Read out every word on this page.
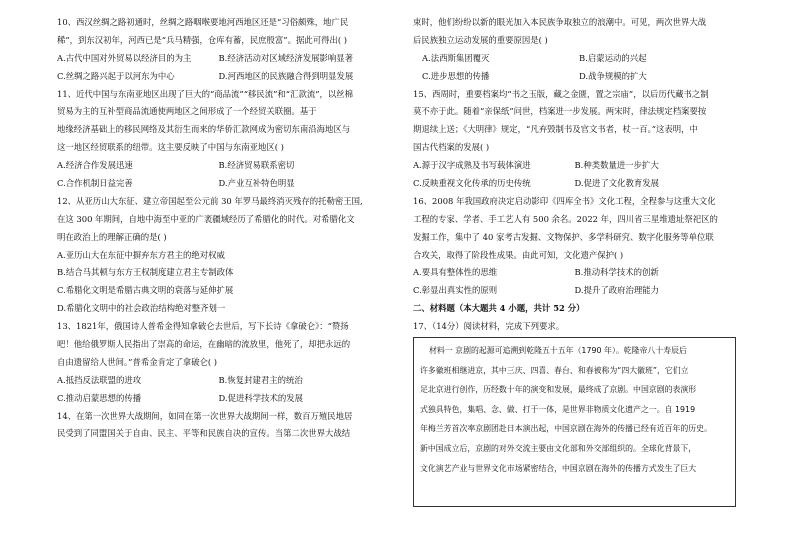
10、西汉丝绸之路初通时，丝绸之路咽喉要地河西地区还是“习俗颇殊，地广民
稀”，到东汉初年，河西已是“兵马精强，仓库有蓄，民庶殷富”。据此可得出( )
A.古代中国对外贸易以经济目的为主	B.经济活动对区域经济发展影响显著
C.丝绸之路兴起于以河东为中心	D.河西地区的民族融合得到明显发展
11、近代中国与东南亚地区出现了巨大的“商品流”“移民流”和“汇款流”，以丝棉
贸易为主的互补型商品流通使两地区之间形成了一个经贸关联圈。基于
地缘经济基础上的移民网络及其衍生而来的华侨汇款网成为密切东南沿海地区与
这一地区经贸联系的纽带。这主要反映了中国与东南亚地区( )
A.经济合作发展迅速	B.经济贸易联系密切
C.合作机制日益完善	D.产业互补特色明显
12、从亚历山大东征、建立帝国起至公元前 30 年罗马最终消灭残存的托勒密王国,
在这 300 年期间，自地中海至中亚的广袤疆域经历了希腊化的时代。对希腊化文
明在政治上的理解正确的是( )
A.亚历山大在东征中摒弃东方君主的绝对权威
B.结合马其顿与东方王权制度建立君主专制政体
C.希腊化文明是希腊古典文明的衰落与延伸扩展
D.希腊化文明中的社会政治结构绝对整齐划一
13、1821年，俄国诗人普希金得知拿破仑去世后，写下长诗《拿破仑》：“赞扬
吧！他给俄罗斯人民指出了崇高的命运，在幽暗的流放里，他死了，却把永远的
自由遗留给人世间。”普希金肯定了拿破仑( )
A.抵挡反法联盟的进攻	B.恢复封建君主的统治
C.推动启蒙思想的传播	D.促进科学技术的发展
14、在第一次世界大战期间，如同在第一次世界大战期间一样，数百万殖民地居
民受到了同盟国关于自由、民主、平等和民族自决的宣传。当第二次世界大战结
束时，他们纷纷以新的眼光加入本民族争取独立的浪潮中。可见，两次世界大战
后民族独立运动发展的重要原因是( )
A.法西斯集团覆灭	B.启蒙运动的兴起
C.进步思想的传播	D.战争规模的扩大
15、西周时，重要档案均“书之玉版，藏之金匮，置之宗庙”，以后历代藏书之制
莫不亦于此。随着“亲保纸”问世，档案进一步发展。两宋时，律法规定档案要按
期退续上送；《大明律》规定，“凡弃毁制书及官文书者，杖一百。”这表明，中
国古代档案的发展( )
A.源于汉字成熟及书写载体演进	B.种类数量进一步扩大
C.反映重视文化传承的历史传统	D.促进了文化教育发展
16、2008 年我国政府决定启动影印《四库全书》文化工程，全程参与这重大文化
工程的专家、学者、手工艺人有 500 余名。2022 年，四川省三星堆遗址祭祀区的
发掘工作，集中了 40 家考古发掘、文物保护、多学科研究、数字化服务等单位联
合攻关，取得了阶段性成果。由此可知，文化遗产保护( )
A.要具有整体性的思维	B.推动科学技术的创新
C.彰显出真实性的原则	D.提升了政府治理能力
二、材料题（本大题共 4 小题，共计 52 分）
17、（14分）阅读材料，完成下列要求。
材料一 京剧的起源可追溯到乾隆五十五年（1790 年）。乾隆帝八十寿辰后
许多徽班相继进京，其中三庆、四喜、春台、和春被称为“四大徽班”，它们立
足北京进行创作，历经数十年的演变和发展，最终成了京剧。中国京剧的表演形
式独具特色，集唱、念、做、打于一体，是世界非物质文化遗产之一。自 1919
年梅兰芳首次率京剧团赴日本演出起，中国京剧在海外的传播已经有近百年的历史。
新中国成立后，京剧的对外交流主要由文化部和外交部组织的。全球化背景下，
文化演艺产业与世界文化市场紧密结合，中国京剧在海外的传播方式发生了巨大
